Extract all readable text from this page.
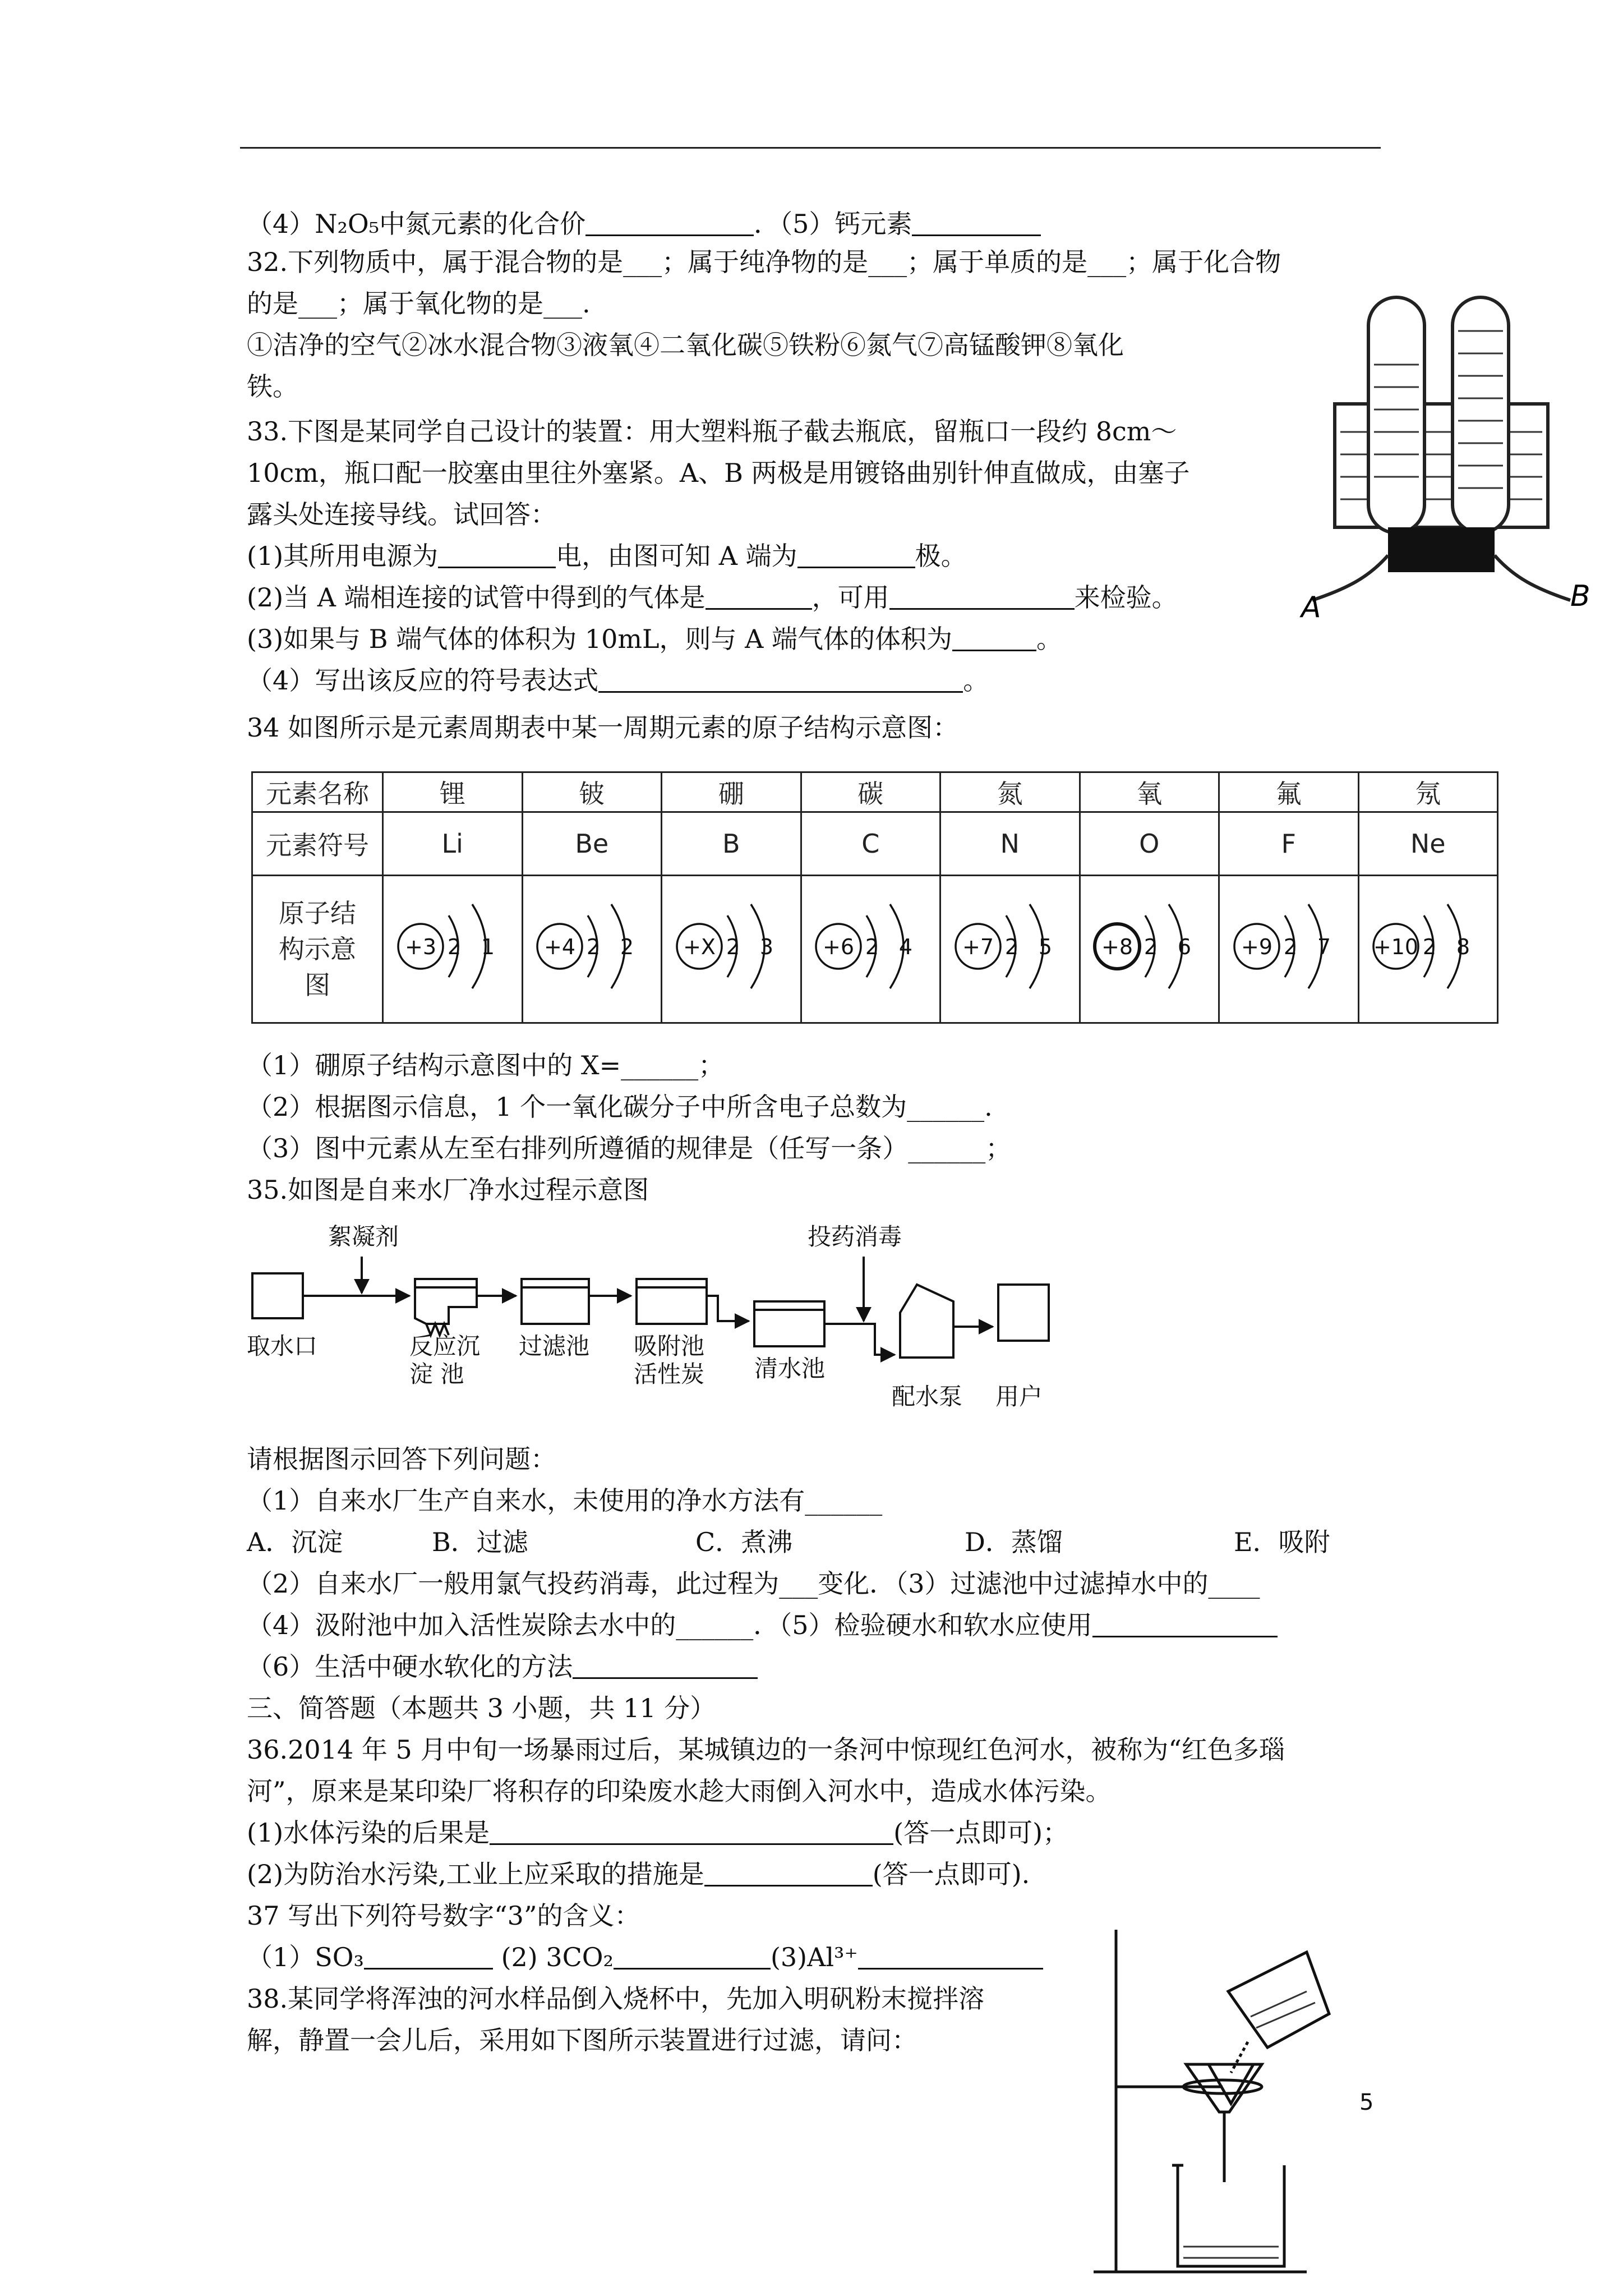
（4）N₂O₅中氮元素的化合价	．（5）钙元素
32.下列物质中，属于混合物的是___；属于纯净物的是___；属于单质的是___；属于化合物
的是___；属于氧化物的是___.
①洁净的空气②冰水混合物③液氧④二氧化碳⑤铁粉⑥氮气⑦高锰酸钾⑧氧化
铁。
33.下图是某同学自己设计的装置：用大塑料瓶子截去瓶底，留瓶口一段约 8cm～
10cm，瓶口配一胶塞由里往外塞紧。A、B 两极是用镀铬曲别针伸直做成，由塞子
露头处连接导线。试回答：
(1)其所用电源为	电，由图可知 A 端为	极。
(2)当 A 端相连接的试管中得到的气体是	，可用	来检验。
(3)如果与 B 端气体的体积为 10mL，则与 A 端气体的体积为	。
（4）写出该反应的符号表达式	。
A	B
34 如图所示是元素周期表中某一周期元素的原子结构示意图：
元素名称	锂	铍	硼	碳	氮	氧	氟	氖
元素符号	Li	Be	B	C	N	O	F	Ne

原子结构示意图	+3 2 1	+4 2 2	+X 2 3	+6 2 4	+7 2 5	+8 2 6	+9 2 7	+10 2 8
（1）硼原子结构示意图中的 X=______；
（2）根据图示信息，1 个一氧化碳分子中所含电子总数为______.
（3）图中元素从左至右排列所遵循的规律是（任写一条）______；
35.如图是自来水厂净水过程示意图
絮凝剂	投药消毒
取水口	反应沉
淀 池
过滤池 吸附池
活性炭 清水池
配水泵 用户
请根据图示回答下列问题：
（1）自来水厂生产自来水，未使用的净水方法有______
A．沉淀	B．过滤	C．煮沸	D．蒸馏	E．吸附
（2）自来水厂一般用氯气投药消毒，此过程为___变化．（3）过滤池中过滤掉水中的____
（4）汲附池中加入活性炭除去水中的______．（5）检验硬水和软水应使用
（6）生活中硬水软化的方法
三、简答题（本题共 3 小题，共 11 分）
36.2014 年 5 月中旬一场暴雨过后，某城镇边的一条河中惊现红色河水，被称为“红色多瑙
河”，原来是某印染厂将积存的印染废水趁大雨倒入河水中，造成水体污染。
(1)水体污染的后果是	(答一点即可)；
(2)为防治水污染,工业上应采取的措施是	(答一点即可).
37 写出下列符号数字“3”的含义：
（1）SO₃	(2) 3CO₂	(3)Al³⁺
38.某同学将浑浊的河水样品倒入烧杯中，先加入明矾粉末搅拌溶
解，静置一会儿后，采用如下图所示装置进行过滤，请问：
5
